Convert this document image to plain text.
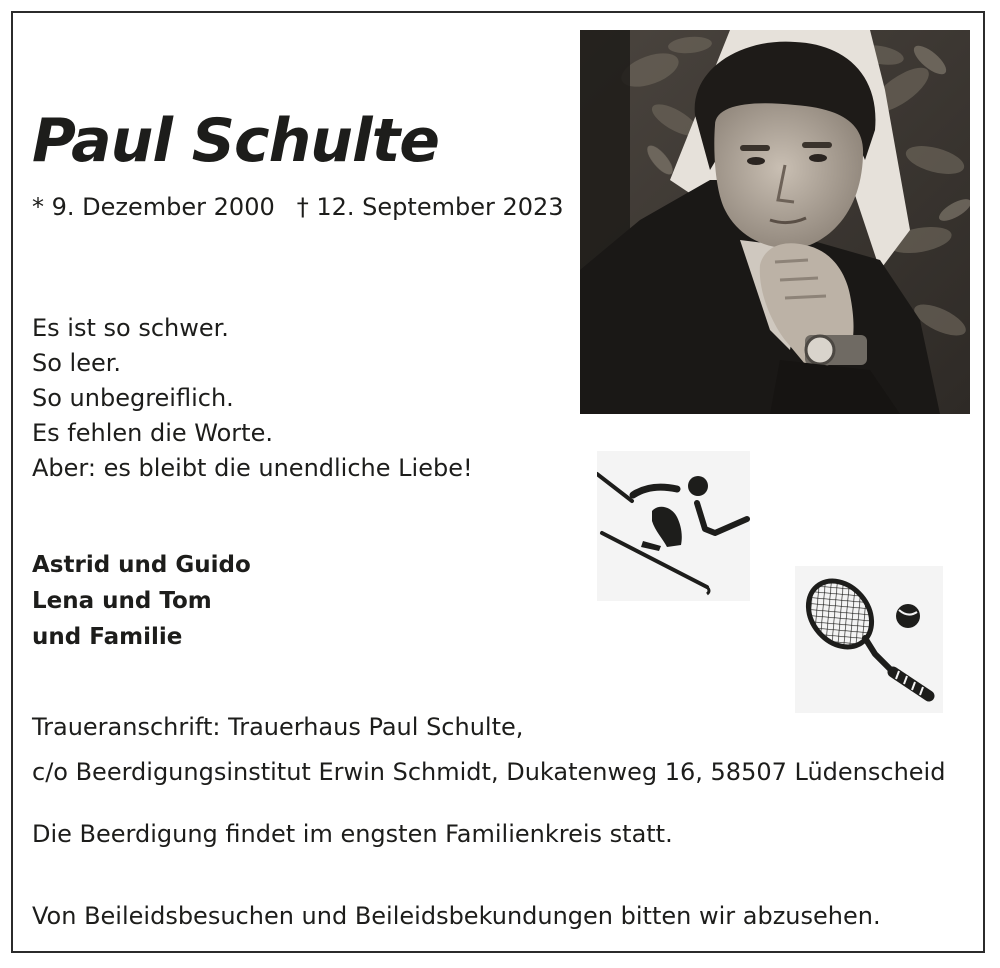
Paul Schulte
* 9. Dezember 2000 † 12. September 2023
Es ist so schwer.
So leer.
So unbegreiflich.
Es fehlen die Worte.
Aber: es bleibt die unendliche Liebe!
Astrid und Guido
Lena und Tom
und Familie
Traueranschrift: Trauerhaus Paul Schulte,
c/o Beerdigungsinstitut Erwin Schmidt, Dukatenweg 16, 58507 Lüdenscheid
Die Beerdigung findet im engsten Familienkreis statt.
Von Beileidsbesuchen und Beileidsbekundungen bitten wir abzusehen.
